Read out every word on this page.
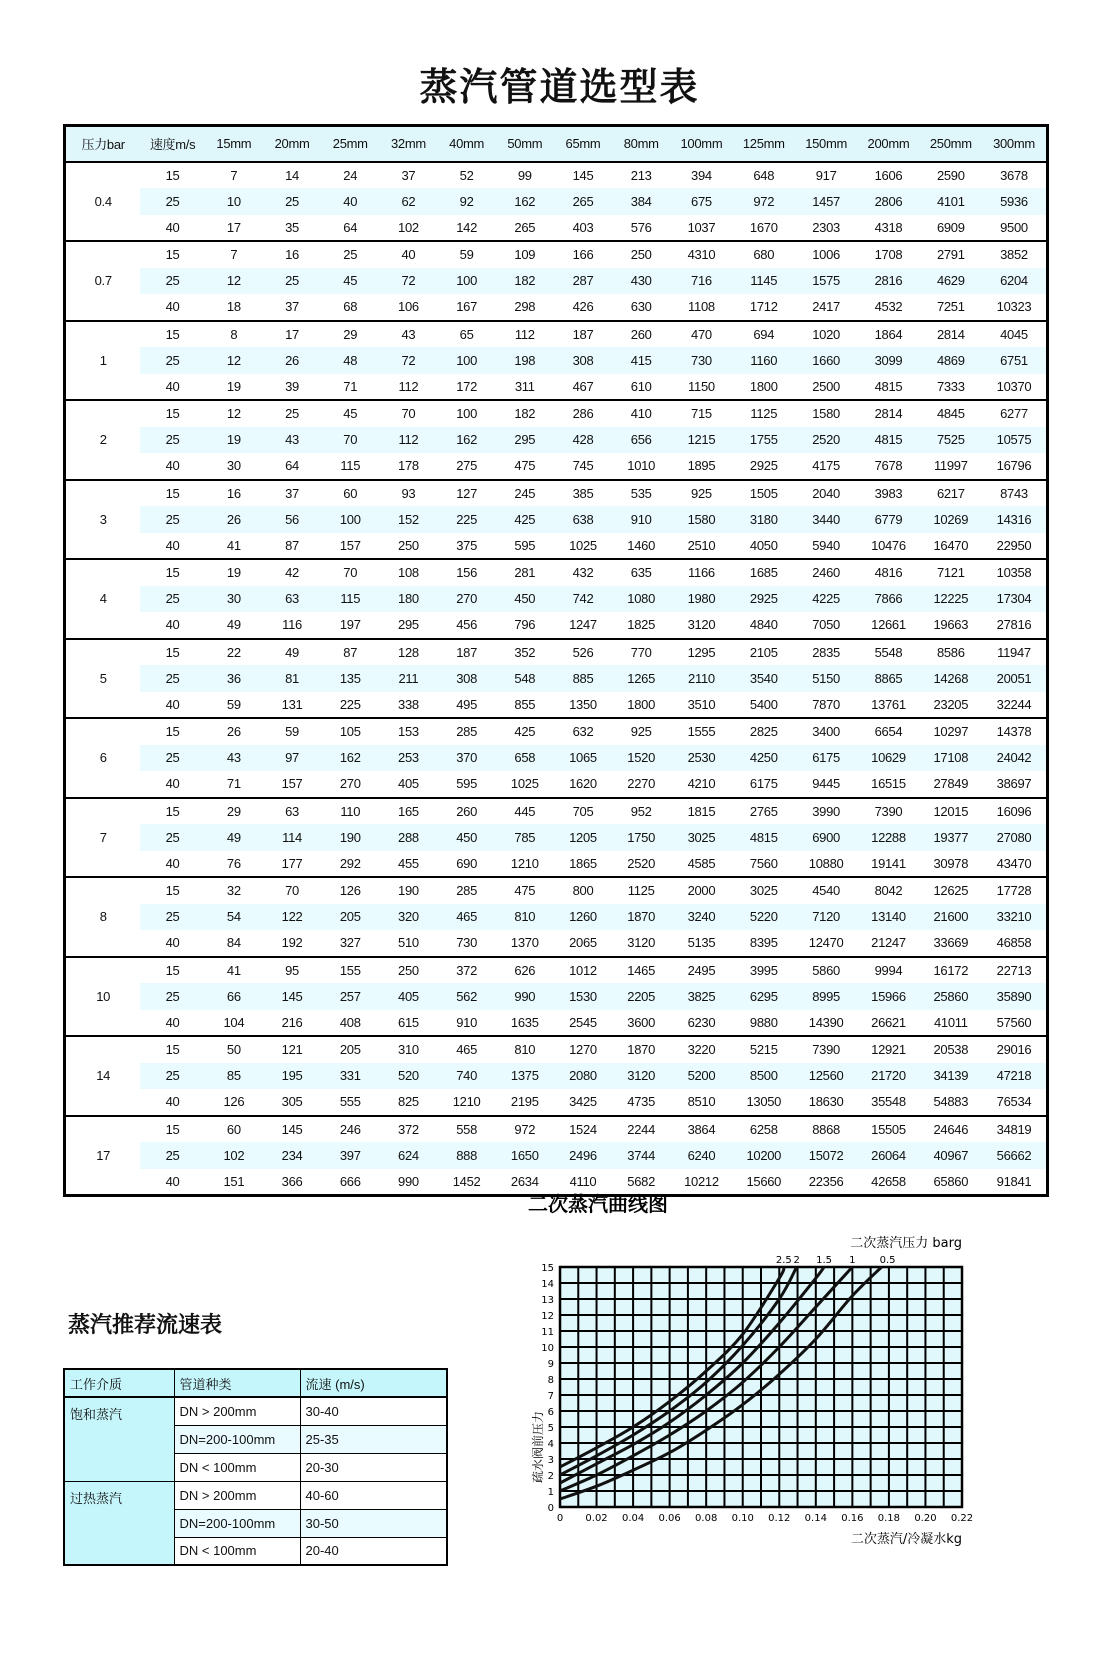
蒸汽管道选型表
压力bar	速度m/s	15mm	20mm	25mm	32mm	40mm	50mm	65mm	80mm	100mm	125mm	150mm	200mm	250mm	300mm
0.4	15	7	14	24	37	52	99	145	213	394	648	917	1606	2590	3678
	25	10	25	40	62	92	162	265	384	675	972	1457	2806	4101	5936
	40	17	35	64	102	142	265	403	576	1037	1670	2303	4318	6909	9500
0.7	15	7	16	25	40	59	109	166	250	4310	680	1006	1708	2791	3852
	25	12	25	45	72	100	182	287	430	716	1145	1575	2816	4629	6204
	40	18	37	68	106	167	298	426	630	1108	1712	2417	4532	7251	10323
1	15	8	17	29	43	65	112	187	260	470	694	1020	1864	2814	4045
	25	12	26	48	72	100	198	308	415	730	1160	1660	3099	4869	6751
	40	19	39	71	112	172	311	467	610	1150	1800	2500	4815	7333	10370
2	15	12	25	45	70	100	182	286	410	715	1125	1580	2814	4845	6277
	25	19	43	70	112	162	295	428	656	1215	1755	2520	4815	7525	10575
	40	30	64	115	178	275	475	745	1010	1895	2925	4175	7678	11997	16796
3	15	16	37	60	93	127	245	385	535	925	1505	2040	3983	6217	8743
	25	26	56	100	152	225	425	638	910	1580	3180	3440	6779	10269	14316
	40	41	87	157	250	375	595	1025	1460	2510	4050	5940	10476	16470	22950
4	15	19	42	70	108	156	281	432	635	1166	1685	2460	4816	7121	10358
	25	30	63	115	180	270	450	742	1080	1980	2925	4225	7866	12225	17304
	40	49	116	197	295	456	796	1247	1825	3120	4840	7050	12661	19663	27816
5	15	22	49	87	128	187	352	526	770	1295	2105	2835	5548	8586	11947
	25	36	81	135	211	308	548	885	1265	2110	3540	5150	8865	14268	20051
	40	59	131	225	338	495	855	1350	1800	3510	5400	7870	13761	23205	32244
6	15	26	59	105	153	285	425	632	925	1555	2825	3400	6654	10297	14378
	25	43	97	162	253	370	658	1065	1520	2530	4250	6175	10629	17108	24042
	40	71	157	270	405	595	1025	1620	2270	4210	6175	9445	16515	27849	38697
7	15	29	63	110	165	260	445	705	952	1815	2765	3990	7390	12015	16096
	25	49	114	190	288	450	785	1205	1750	3025	4815	6900	12288	19377	27080
	40	76	177	292	455	690	1210	1865	2520	4585	7560	10880	19141	30978	43470
8	15	32	70	126	190	285	475	800	1125	2000	3025	4540	8042	12625	17728
	25	54	122	205	320	465	810	1260	1870	3240	5220	7120	13140	21600	33210
	40	84	192	327	510	730	1370	2065	3120	5135	8395	12470	21247	33669	46858
10	15	41	95	155	250	372	626	1012	1465	2495	3995	5860	9994	16172	22713
	25	66	145	257	405	562	990	1530	2205	3825	6295	8995	15966	25860	35890
	40	104	216	408	615	910	1635	2545	3600	6230	9880	14390	26621	41011	57560
14	15	50	121	205	310	465	810	1270	1870	3220	5215	7390	12921	20538	29016
	25	85	195	331	520	740	1375	2080	3120	5200	8500	12560	21720	34139	47218
	40	126	305	555	825	1210	2195	3425	4735	8510	13050	18630	35548	54883	76534
17	15	60	145	246	372	558	972	1524	2244	3864	6258	8868	15505	24646	34819
	25	102	234	397	624	888	1650	2496	3744	6240	10200	15072	26064	40967	56662
	40	151	366	666	990	1452	2634	4110	5682	10212	15660	22356	42658	65860	91841
蒸汽推荐流速表
工作介质	管道种类	流速 (m/s)
饱和蒸汽	DN > 200mm	30-40
	DN=200-100mm	25-35
	DN < 100mm	20-30
过热蒸汽	DN > 200mm	40-60
	DN=200-100mm	30-50
	DN < 100mm	20-40
二次蒸汽曲线图
0 0.02 0.04 0.06 0.08 0.10 0.12 0.14 0.16 0.18 0.20 0.22
0
1
2
3
4
5
6
7
8
9
10
11
12
13
14
15
2.5 2 1.5 1 0.5
二次蒸汽压力 barg
二次蒸汽/冷凝水kg
疏水阀前压力
